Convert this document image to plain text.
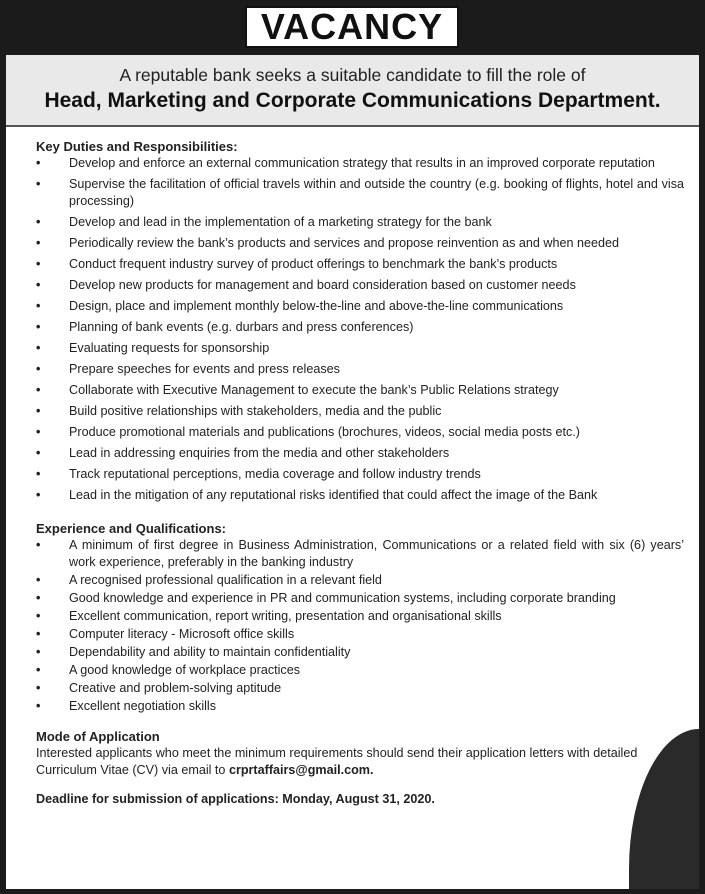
VACANCY
A reputable bank seeks a suitable candidate to fill the role of
Head, Marketing and Corporate Communications Department.

Key Duties and Responsibilities:

• Develop and enforce an external communication strategy that results in an improved corporate reputation
• Supervise the facilitation of official travels within and outside the country (e.g. booking of flights, hotel and visa processing)
• Develop and lead in the implementation of a marketing strategy for the bank
• Periodically review the bank’s products and services and propose reinvention as and when needed
• Conduct frequent industry survey of product offerings to benchmark the bank’s products
• Develop new products for management and board consideration based on customer needs
• Design, place and implement monthly below-the-line and above-the-line communications
• Planning of bank events (e.g. durbars and press conferences)
• Evaluating requests for sponsorship
• Prepare speeches for events and press releases
• Collaborate with Executive Management to execute the bank’s Public Relations strategy
• Build positive relationships with stakeholders, media and the public
• Produce promotional materials and publications (brochures, videos, social media posts etc.)
• Lead in addressing enquiries from the media and other stakeholders
• Track reputational perceptions, media coverage and follow industry trends
• Lead in the mitigation of any reputational risks identified that could affect the image of the Bank

Experience and Qualifications:

• A minimum of first degree in Business Administration, Communications or a related field with six (6) years’ work experience, preferably in the banking industry
• A recognised professional qualification in a relevant field
• Good knowledge and experience in PR and communication systems, including corporate branding
• Excellent communication, report writing, presentation and organisational skills
• Computer literacy - Microsoft office skills
• Dependability and ability to maintain confidentiality
• A good knowledge of workplace practices
• Creative and problem-solving aptitude
• Excellent negotiation skills

Mode of Application

Interested applicants who meet the minimum requirements should send their application letters with detailed Curriculum Vitae (CV) via email to crprtaffairs@gmail.com.

Deadline for submission of applications: Monday, August 31, 2020.
